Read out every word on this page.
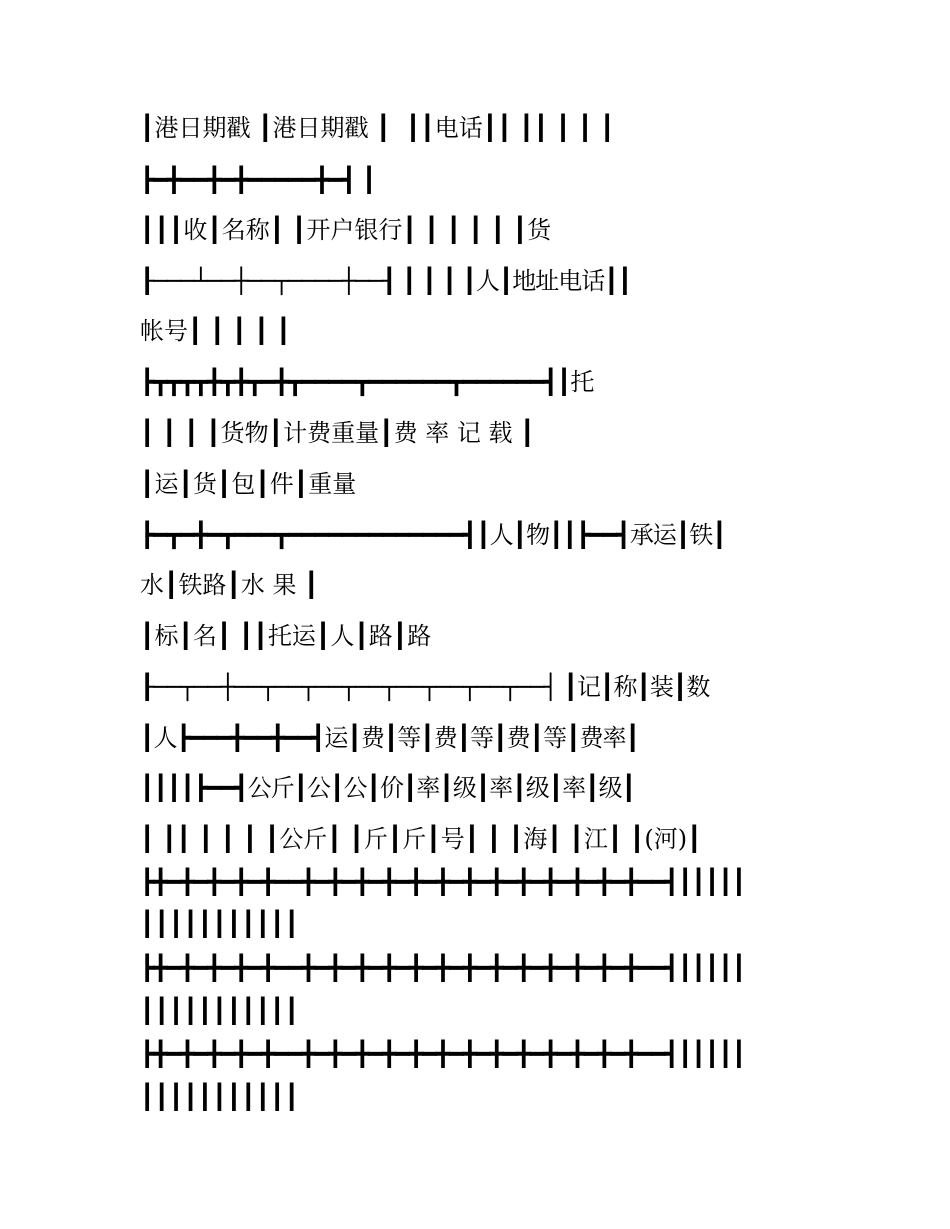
┃港日期戳 ┃港日期戳 ┃  ┃┃电话┃┃ ┃┃ ┃ ┃ ┃
┣━╋━━╋━╋━━━━━╋━┫ ┃
┃┃┃收┃名称┃ ┃开户银行┃ ┃ ┃ ┃ ┃ ┃货
┠───┴──┼──┬────┼──┨ ┃ ┃ ┃ ┃人┃地址电话┃┃
帐号┃ ┃ ┃ ┃ ┃
┣┳┳┳┳╋┳╋┳━╋┳━━━━┳━━━━━━┳━━━━━━┫┃托
┃ ┃ ┃ ┃货物┃计费重量┃费 率 记 载 ┃
┃运┃货┃包┃件┃重量
┣━┳━╋━┳━━━┳━━━━━━━━━━━━━┫┃人┃物┃┃┣━━┫承运┃铁┃
水┃铁路┃水 果 ┃
┃标┃名┃ ┃┃托运┃人┃路┃路
┠──┬──┼──┬──┬──┬──┬──┬──┬──┬──┤ ┃记┃称┃装┃数
┃人┣━━━╋━━╋━━┫运┃费┃等┃费┃等┃费┃等┃费率┃
┃┃┃┃┣━━┫公斤┃公┃公┃价┃率┃级┃率┃级┃率┃级┃
┃ ┃┃ ┃ ┃ ┃ ┃公斤┃ ┃斤┃斤┃号┃ ┃ ┃海┃ ┃江┃ ┃(河)┃
┣╋━╋━╋━╋━╋━━╋━╋━╋━╋━╋━╋━╋━╋━╋━╋━╋━╋━╋━━┫┃┃┃┃┃
┃┃┃┃┃┃┃┃┃┃┃
┣╋━╋━╋━╋━╋━━╋━╋━╋━╋━╋━╋━╋━╋━╋━╋━╋━╋━╋━━┫┃┃┃┃┃
┃┃┃┃┃┃┃┃┃┃┃
┣╋━╋━╋━╋━╋━━╋━╋━╋━╋━╋━╋━╋━╋━╋━╋━╋━╋━╋━━┫┃┃┃┃┃
┃┃┃┃┃┃┃┃┃┃┃
